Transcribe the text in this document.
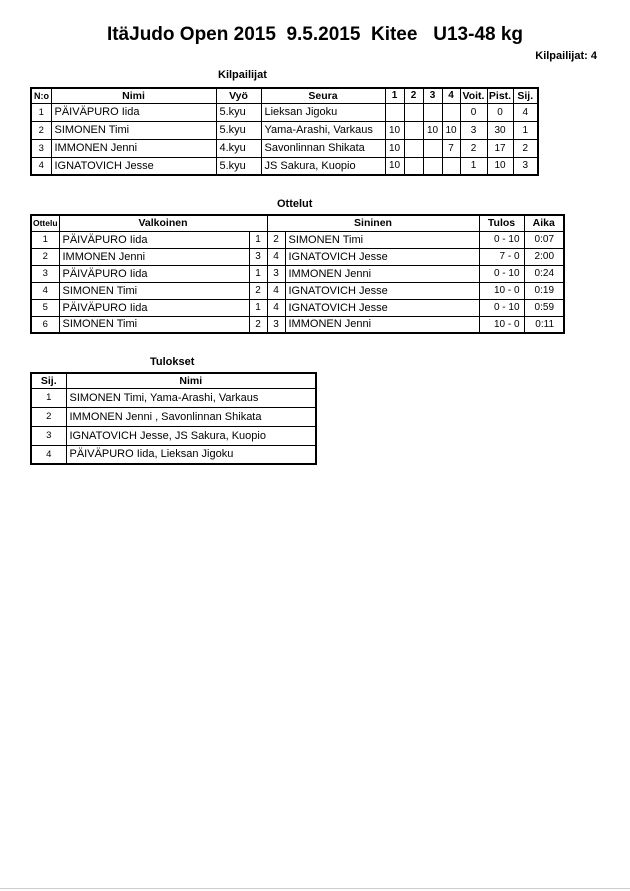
ItäJudo Open 2015  9.5.2015  Kitee   U13-48 kg
Kilpailijat: 4
Kilpailijat
N:o	Nimi	Vyö	Seura	1	2	3	4	Voit.	Pist.	Sij.
1	PÄIVÄPURO Iida	5.kyu	Lieksan Jigoku					0	0	4
2	SIMONEN Timi	5.kyu	Yama-Arashi, Varkaus	10		10	10	3	30	1
3	IMMONEN Jenni	4.kyu	Savonlinnan Shikata	10			7	2	17	2
4	IGNATOVICH Jesse	5.kyu	JS Sakura, Kuopio	10				1	10	3
Ottelut
Ottelu	Valkoinen		Sininen		Tulos	Aika
1	PÄIVÄPURO Iida	1	2	SIMONEN Timi	0 - 10	0:07
2	IMMONEN Jenni	3	4	IGNATOVICH Jesse	7 - 0	2:00
3	PÄIVÄPURO Iida	1	3	IMMONEN Jenni	0 - 10	0:24
4	SIMONEN Timi	2	4	IGNATOVICH Jesse	10 - 0	0:19
5	PÄIVÄPURO Iida	1	4	IGNATOVICH Jesse	0 - 10	0:59
6	SIMONEN Timi	2	3	IMMONEN Jenni	10 - 0	0:11
Tulokset
Sij.	Nimi
1	SIMONEN Timi, Yama-Arashi, Varkaus
2	IMMONEN Jenni , Savonlinnan Shikata
3	IGNATOVICH Jesse, JS Sakura, Kuopio
4	PÄIVÄPURO Iida, Lieksan Jigoku
